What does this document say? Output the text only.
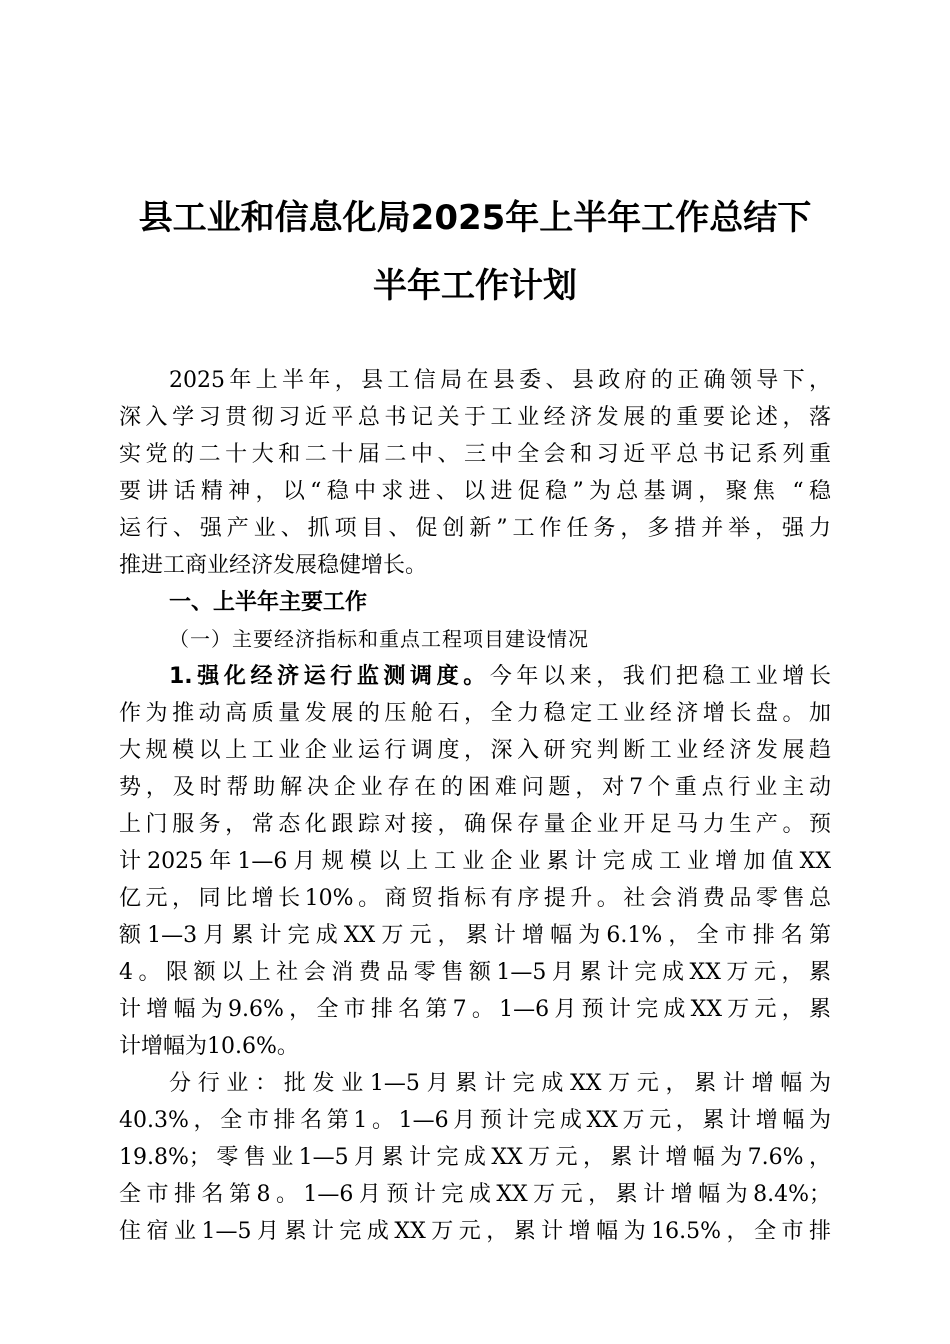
县工业和信息化局2025年上半年工作总结下
半年工作计划
2025年上半年，县工信局在县委、县政府的正确领导下，
深入学习贯彻习近平总书记关于工业经济发展的重要论述，落
实党的二十大和二十届二中、三中全会和习近平总书记系列重
要讲话精神，以“稳中求进、以进促稳”为总基调，聚焦 “稳
运行、强产业、抓项目、促创新”工作任务，多措并举，强力
推进工商业经济发展稳健增长。
一、上半年主要工作
（一）主要经济指标和重点工程项目建设情况
1.强化经济运行监测调度。今年以来，我们把稳工业增长
作为推动高质量发展的压舱石，全力稳定工业经济增长盘。加
大规模以上工业企业运行调度，深入研究判断工业经济发展趋
势，及时帮助解决企业存在的困难问题，对7个重点行业主动
上门服务，常态化跟踪对接，确保存量企业开足马力生产。预
计2025年1—6月规模以上工业企业累计完成工业增加值XX
亿元，同比增长10%。商贸指标有序提升。社会消费品零售总
额1—3月累计完成XX万元，累计增幅为6.1%，全市排名第
4。限额以上社会消费品零售额1—5月累计完成XX万元，累
计增幅为9.6%，全市排名第7。1—6月预计完成XX万元，累
计增幅为10.6%。
分行业：批发业1—5月累计完成XX万元，累计增幅为
40.3%，全市排名第1。1—6月预计完成XX万元，累计增幅为
19.8%；零售业1—5月累计完成XX万元，累计增幅为7.6%，
全市排名第8。1—6月预计完成XX万元，累计增幅为8.4%；
住宿业1—5月累计完成XX万元，累计增幅为16.5%，全市排
